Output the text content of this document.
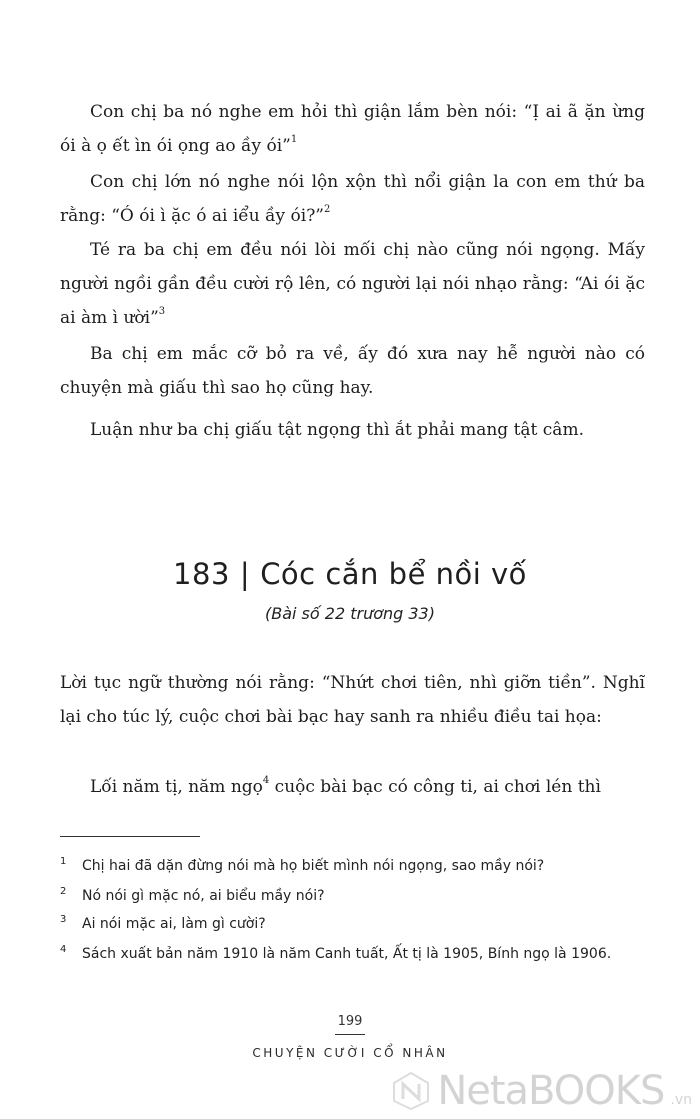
Con chị ba nó nghe em hỏi thì giận lắm bèn nói: “Ị ai ã ặn ừng ói à ọ ết ìn ói ọng ao ầy ói”$^1$

Con chị lớn nó nghe nói lộn xộn thì nổi giận la con em thứ ba rằng: “Ó ói ì ặc ó ai iểu ầy ói?”$^2$

Té ra ba chị em đều nói lòi mối chị nào cũng nói ngọng. Mấy người ngồi gần đều cười rộ lên, có người lại nói nhạo rằng: “Ai ói ặc ai àm ì ười”$^3$

Ba chị em mắc cỡ bỏ ra về, ấy đó xưa nay hễ người nào có chuyện mà giấu thì sao họ cũng hay.

Luận như ba chị giấu tật ngọng thì ắt phải mang tật câm.

183 | Cóc cắn bể nồi vố
(Bài số 22 trương 33)

Lời tục ngữ thường nói rằng: “Nhứt chơi tiên, nhì giỡn tiền”. Nghĩ lại cho túc lý, cuộc chơi bài bạc hay sanh ra nhiều điều tai họa:

Lối năm tị, năm ngọ$^4$ cuộc bài bạc có công ti, ai chơi lén thì

1	Chị hai đã dặn đừng nói mà họ biết mình nói ngọng, sao mầy nói?
2	Nó nói gì mặc nó, ai biểu mầy nói?
3	Ai nói mặc ai, làm gì cười?
4	Sách xuất bản năm 1910 là năm Canh tuất, Ất tị là 1905, Bính ngọ là 1906.
199
CHUYỆN CƯỜI CỔ NHÂN
NetaBOOKS .vn
